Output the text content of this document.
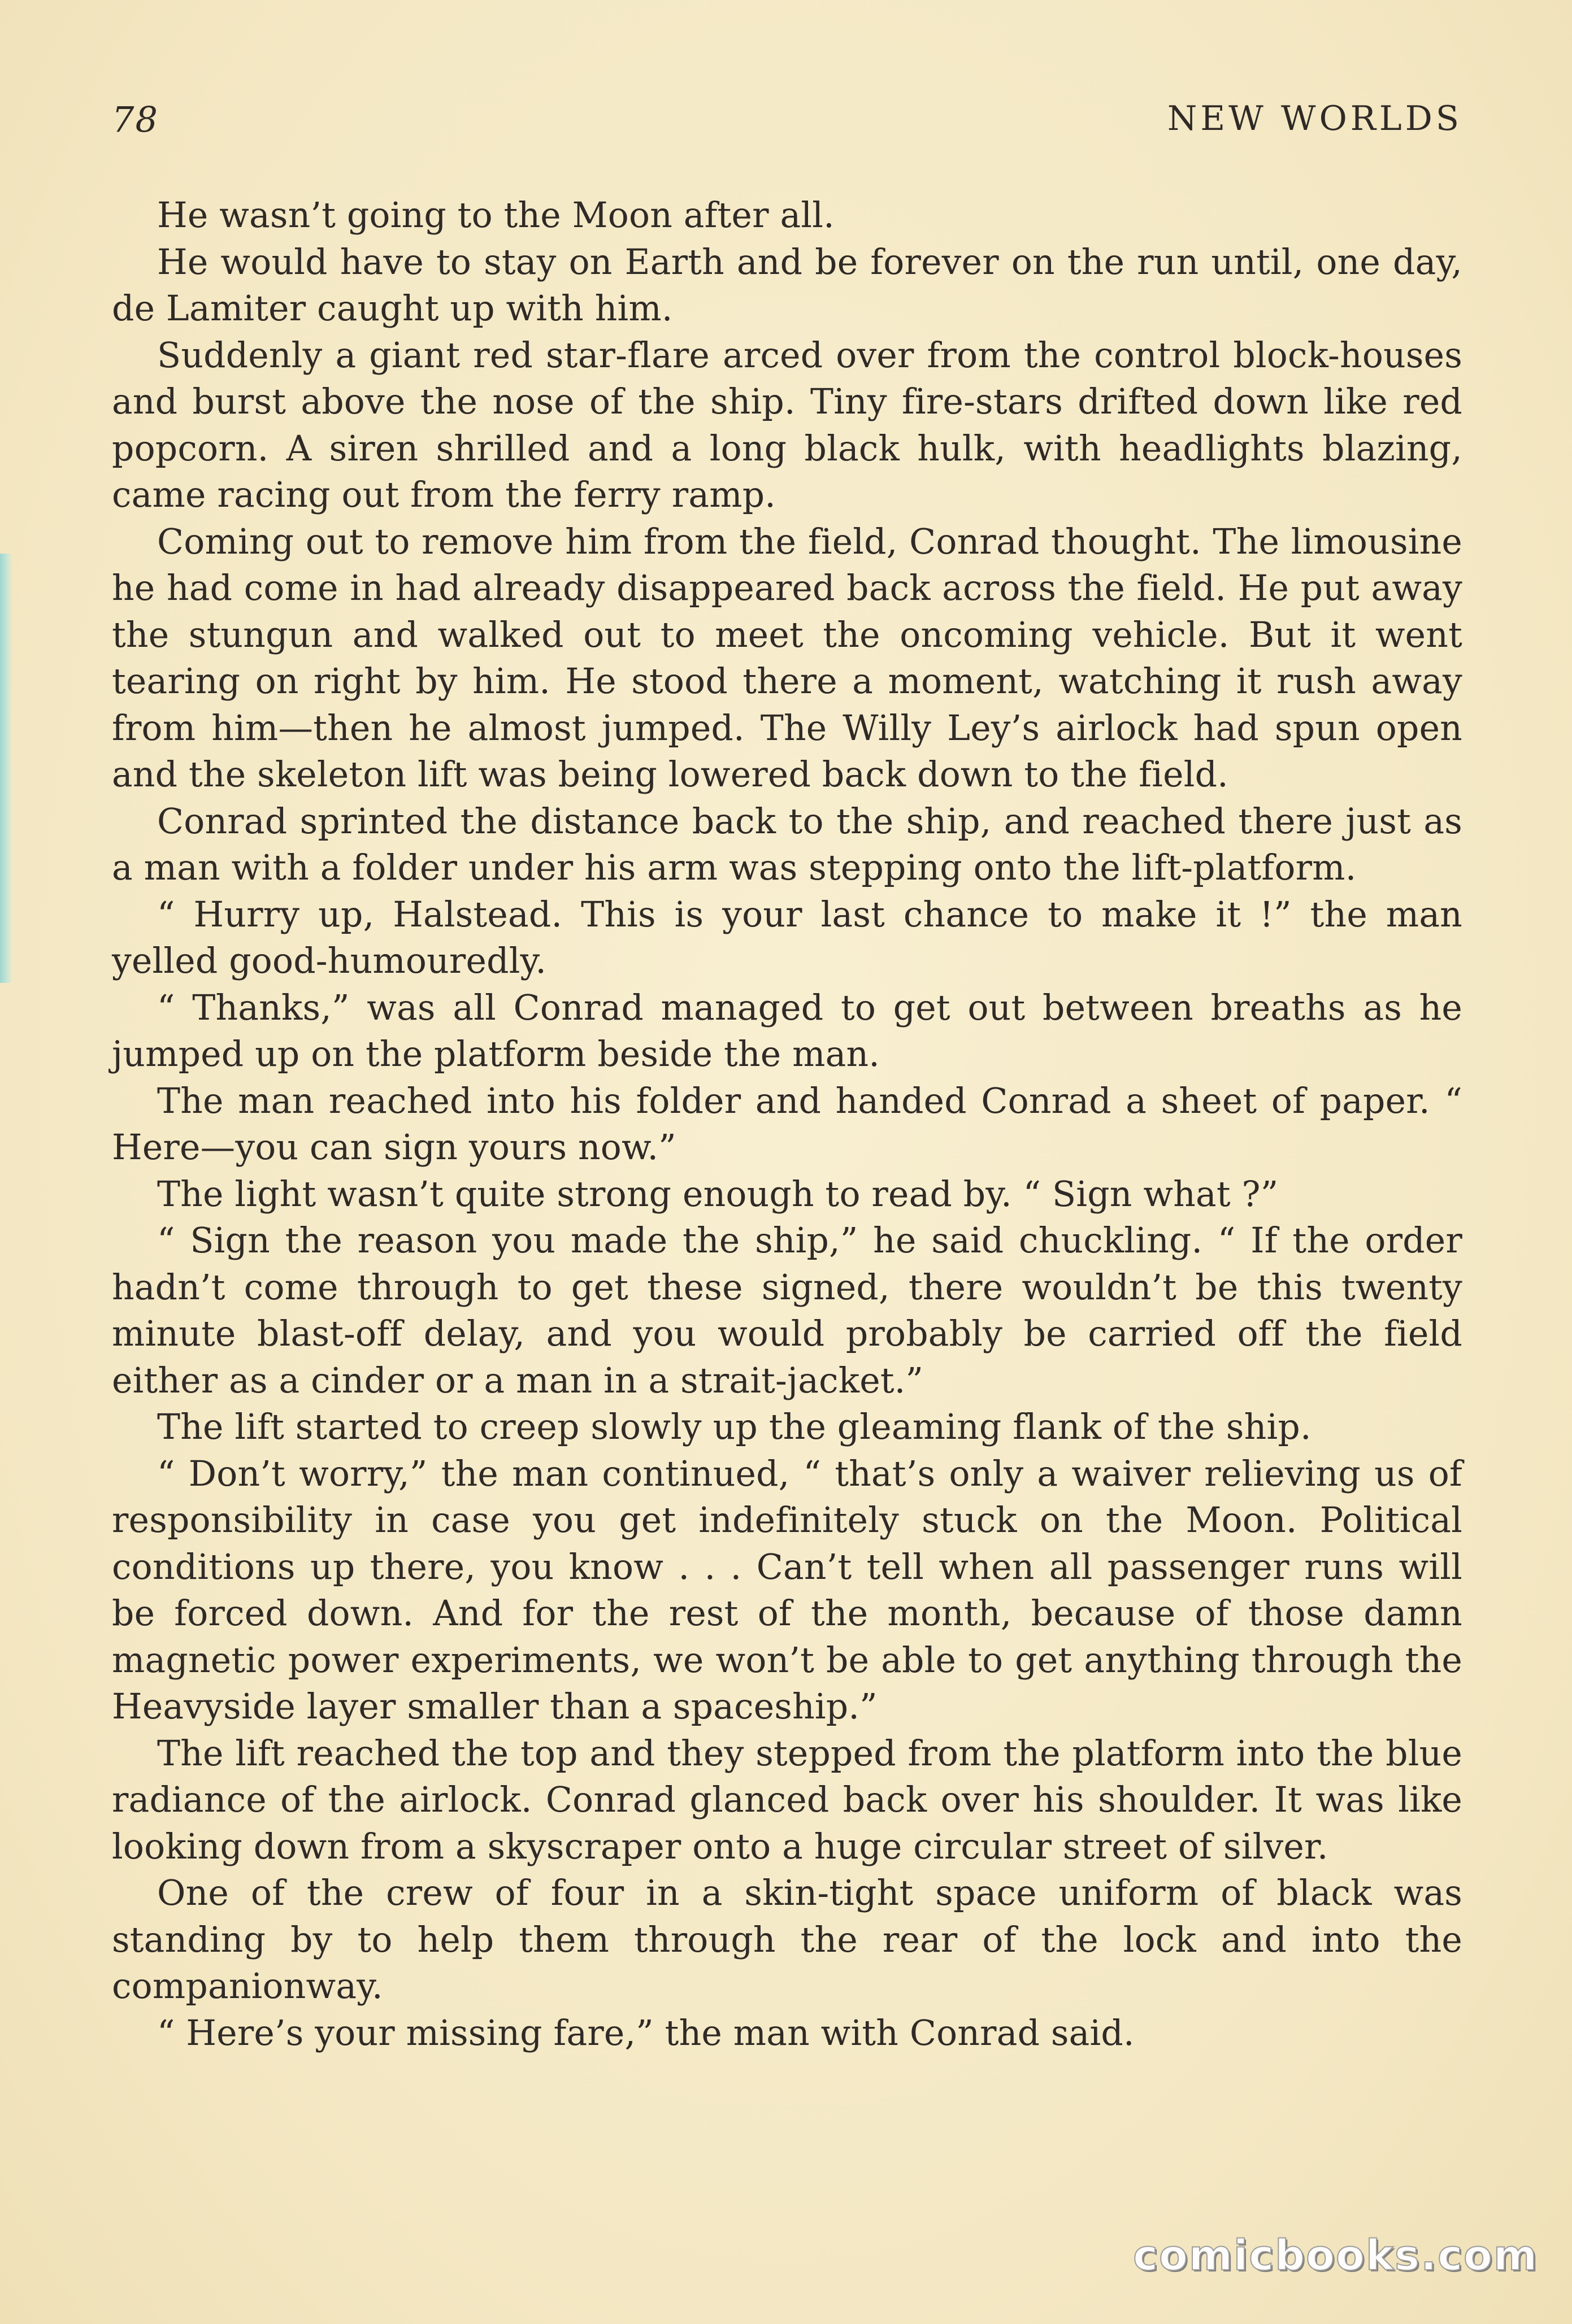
78	NEW WORLDS

He wasn’t going to the Moon after all.

He would have to stay on Earth and be forever on the run until, one day, de Lamiter caught up with him.

Suddenly a giant red star-flare arced over from the control block-houses and burst above the nose of the ship. Tiny fire-stars drifted down like red popcorn. A siren shrilled and a long black hulk, with headlights blazing, came racing out from the ferry ramp.

Coming out to remove him from the field, Conrad thought. The limousine he had come in had already disappeared back across the field. He put away the stungun and walked out to meet the oncoming vehicle. But it went tearing on right by him. He stood there a moment, watching it rush away from him—then he almost jumped. The Willy Ley’s airlock had spun open and the skeleton lift was being lowered back down to the field.

Conrad sprinted the distance back to the ship, and reached there just as a man with a folder under his arm was stepping onto the lift-platform.

“ Hurry up, Halstead. This is your last chance to make it !” the man yelled good-humouredly.

“ Thanks,” was all Conrad managed to get out between breaths as he jumped up on the platform beside the man.

The man reached into his folder and handed Conrad a sheet of paper. “ Here—you can sign yours now.”

The light wasn’t quite strong enough to read by. “ Sign what ?”

“ Sign the reason you made the ship,” he said chuckling. “ If the order hadn’t come through to get these signed, there wouldn’t be this twenty minute blast-off delay, and you would probably be carried off the field either as a cinder or a man in a strait-jacket.”

The lift started to creep slowly up the gleaming flank of the ship.

“ Don’t worry,” the man continued, “ that’s only a waiver relieving us of responsibility in case you get indefinitely stuck on the Moon. Political conditions up there, you know . . . Can’t tell when all passenger runs will be forced down. And for the rest of the month, because of those damn magnetic power experiments, we won’t be able to get anything through the Heavyside layer smaller than a spaceship.”

The lift reached the top and they stepped from the platform into the blue radiance of the airlock. Conrad glanced back over his shoulder. It was like looking down from a skyscraper onto a huge circular street of silver.

One of the crew of four in a skin-tight space uniform of black was standing by to help them through the rear of the lock and into the companionway.

“ Here’s your missing fare,” the man with Conrad said.

comicbooks.com
